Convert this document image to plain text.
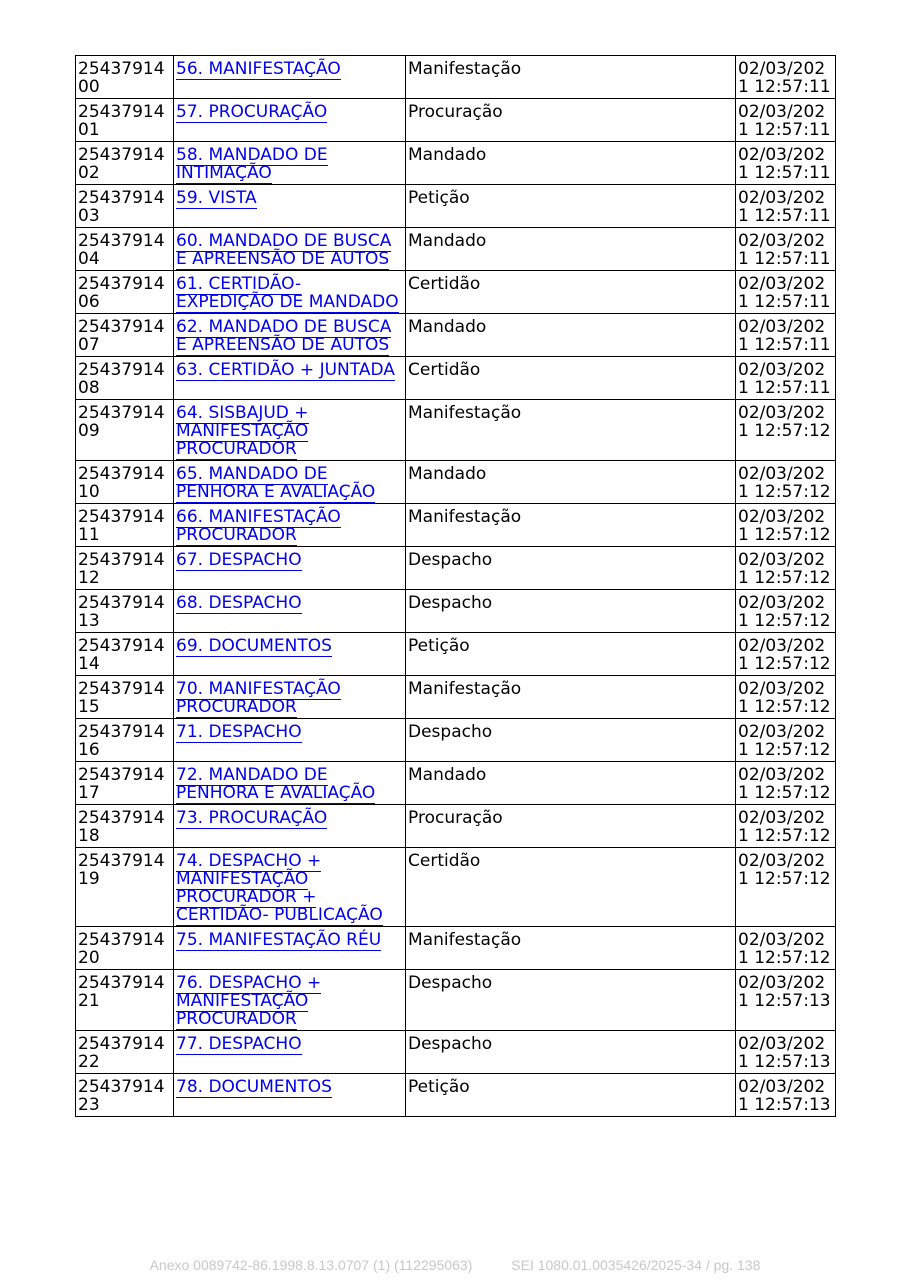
2543791400	56. MANIFESTAÇÃO	Manifestação	02/03/2021 12:57:11
2543791401	57. PROCURAÇÃO	Procuração	02/03/2021 12:57:11
2543791402	58. MANDADO DE INTIMAÇÃO	Mandado	02/03/2021 12:57:11
2543791403	59. VISTA	Petição	02/03/2021 12:57:11
2543791404	60. MANDADO DE BUSCA E APREENSÃO DE AUTOS	Mandado	02/03/2021 12:57:11
2543791406	61. CERTIDÃO- EXPEDIÇÃO DE MANDADO	Certidão	02/03/2021 12:57:11
2543791407	62. MANDADO DE BUSCA E APREENSÃO DE AUTOS	Mandado	02/03/2021 12:57:11
2543791408	63. CERTIDÃO + JUNTADA	Certidão	02/03/2021 12:57:11
2543791409	64. SISBAJUD + MANIFESTAÇÃO PROCURADOR	Manifestação	02/03/2021 12:57:12
2543791410	65. MANDADO DE PENHORA E AVALIAÇÃO	Mandado	02/03/2021 12:57:12
2543791411	66. MANIFESTAÇÃO PROCURADOR	Manifestação	02/03/2021 12:57:12
2543791412	67. DESPACHO	Despacho	02/03/2021 12:57:12
2543791413	68. DESPACHO	Despacho	02/03/2021 12:57:12
2543791414	69. DOCUMENTOS	Petição	02/03/2021 12:57:12
2543791415	70. MANIFESTAÇÃO PROCURADOR	Manifestação	02/03/2021 12:57:12
2543791416	71. DESPACHO	Despacho	02/03/2021 12:57:12
2543791417	72. MANDADO DE PENHORA E AVALIAÇÃO	Mandado	02/03/2021 12:57:12
2543791418	73. PROCURAÇÃO	Procuração	02/03/2021 12:57:12
2543791419	74. DESPACHO + MANIFESTAÇÃO PROCURADOR + CERTIDÃO- PUBLICAÇÃO	Certidão	02/03/2021 12:57:12
2543791420	75. MANIFESTAÇÃO RÉU	Manifestação	02/03/2021 12:57:12
2543791421	76. DESPACHO + MANIFESTAÇÃO PROCURADOR	Despacho	02/03/2021 12:57:13
2543791422	77. DESPACHO	Despacho	02/03/2021 12:57:13
2543791423	78. DOCUMENTOS	Petição	02/03/2021 12:57:13
Anexo 0089742-86.1998.8.13.0707 (1) (112295063)	SEI 1080.01.0035426/2025-34 / pg. 138
